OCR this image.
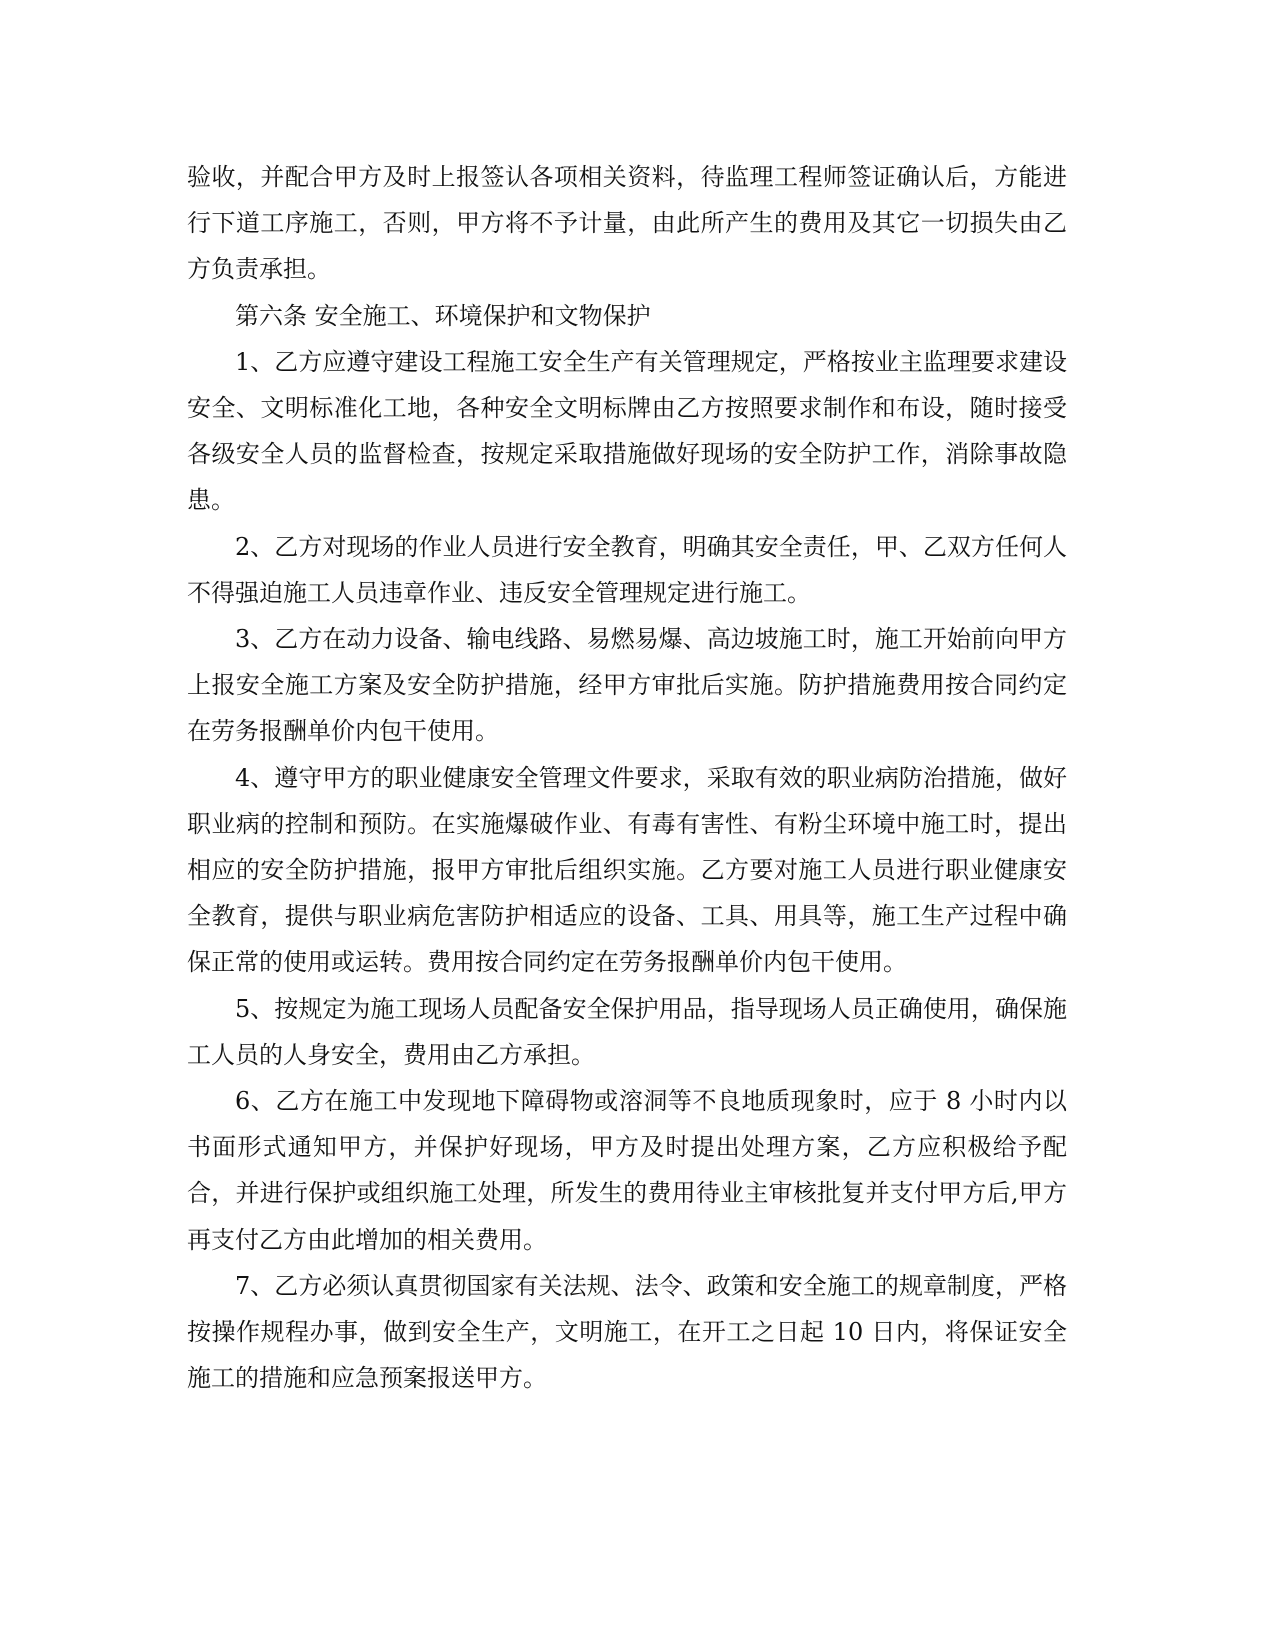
验收，并配合甲方及时上报签认各项相关资料，待监理工程师签证确认后，方能进行下道工序施工，否则，甲方将不予计量，由此所产生的费用及其它一切损失由乙方负责承担。

第六条 安全施工、环境保护和文物保护

1、乙方应遵守建设工程施工安全生产有关管理规定，严格按业主监理要求建设安全、文明标准化工地，各种安全文明标牌由乙方按照要求制作和布设，随时接受各级安全人员的监督检查，按规定采取措施做好现场的安全防护工作，消除事故隐患。

2、乙方对现场的作业人员进行安全教育，明确其安全责任，甲、乙双方任何人不得强迫施工人员违章作业、违反安全管理规定进行施工。

3、乙方在动力设备、输电线路、易燃易爆、高边坡施工时，施工开始前向甲方上报安全施工方案及安全防护措施，经甲方审批后实施。防护措施费用按合同约定在劳务报酬单价内包干使用。

4、遵守甲方的职业健康安全管理文件要求，采取有效的职业病防治措施，做好职业病的控制和预防。在实施爆破作业、有毒有害性、有粉尘环境中施工时，提出相应的安全防护措施，报甲方审批后组织实施。乙方要对施工人员进行职业健康安全教育，提供与职业病危害防护相适应的设备、工具、用具等，施工生产过程中确保正常的使用或运转。费用按合同约定在劳务报酬单价内包干使用。

5、按规定为施工现场人员配备安全保护用品，指导现场人员正确使用，确保施工人员的人身安全，费用由乙方承担。

6、乙方在施工中发现地下障碍物或溶洞等不良地质现象时，应于 8 小时内以书面形式通知甲方，并保护好现场，甲方及时提出处理方案，乙方应积极给予配合，并进行保护或组织施工处理，所发生的费用待业主审核批复并支付甲方后,甲方再支付乙方由此增加的相关费用。

7、乙方必须认真贯彻国家有关法规、法令、政策和安全施工的规章制度，严格按操作规程办事，做到安全生产，文明施工，在开工之日起 10 日内，将保证安全施工的措施和应急预案报送甲方。
